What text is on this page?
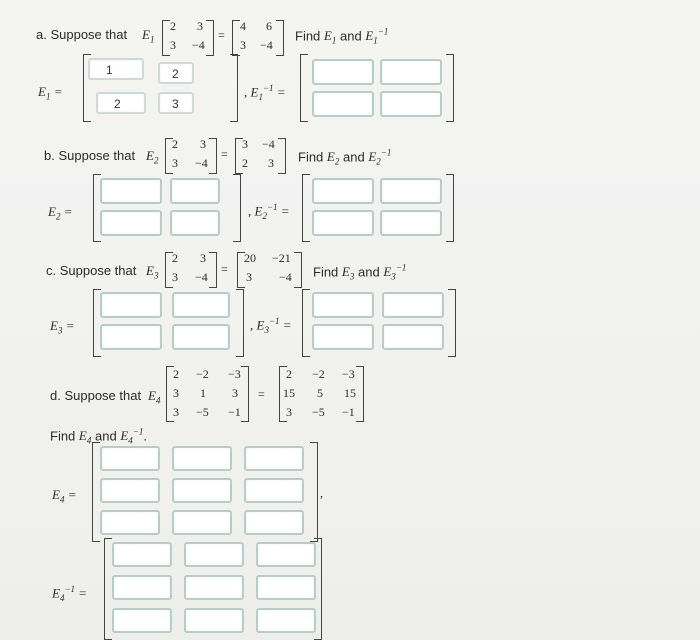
a. Suppose that $E_1$
2 3
3 −4
=
4 6
3 −4
Find $E_1$ and $E_1^{-1}$
$E_1$ =
1	2
2	3
, $E_1^{-1}$ =
b. Suppose that $E_2$
2 3
3 −4
=
3 −4
2 3 Find $E_2$ and $E_2^{-1}$
$E_2$ =	, $E_2^{-1}$ =
c. Suppose that $E_3$
2 3
3 −4
=
20 −21
3 −4 Find $E_3$ and $E_3^{-1}$
$E_3$ =	, $E_3^{-1}$ =
d. Suppose that $E_4$
2 −2 −3
3 1 3
3 −5 −1
=
2 −2 −3
15 5 15
3 −5 −1
Find $E_4$ and $E_4^{-1}$.
$E_4$ =	,
$E_4^{-1}$ =
